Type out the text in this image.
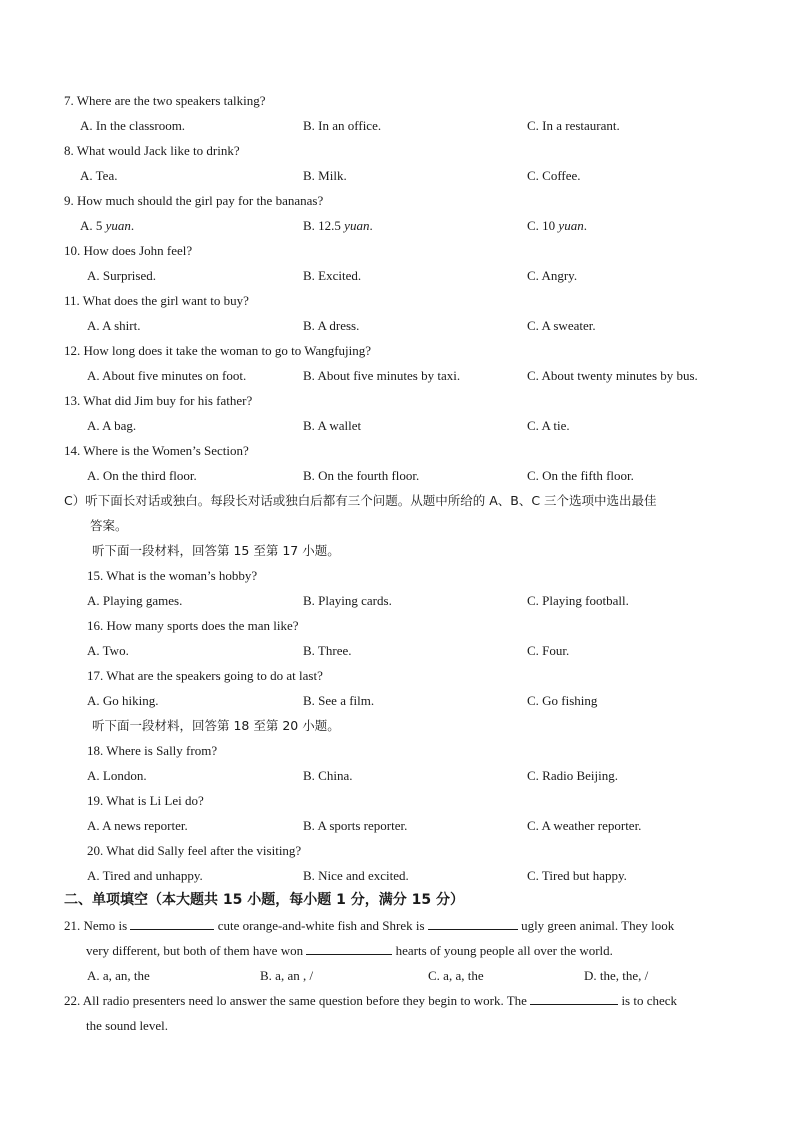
7. Where are the two speakers talking?
A. In the classroom.	B. In an office.	C. In a restaurant.
8. What would Jack like to drink?
A. Tea.	B. Milk.	C. Coffee.
9. How much should the girl pay for the bananas?
A. 5 yuan.	B. 12.5 yuan.	C. 10 yuan.
10. How does John feel?
A. Surprised.	B. Excited.	C. Angry.
11. What does the girl want to buy?
A. A shirt.	B. A dress.	C. A sweater.
12. How long does it take the woman to go to Wangfujing?
A. About five minutes on foot.	B. About five minutes by taxi.	C. About twenty minutes by bus.
13. What did Jim buy for his father?
A. A bag.	B. A wallet	C. A tie.
14. Where is the Women’s Section?
A. On the third floor.	B. On the fourth floor.	C. On the fifth floor.
C）听下面长对话或独白。每段长对话或独白后都有三个问题。从题中所给的 A、B、C 三个选项中选出最佳
答案。
听下面一段材料，回答第 15 至第 17 小题。
15. What is the woman’s hobby?
A. Playing games.	B. Playing cards.	C. Playing football.
16. How many sports does the man like?
A. Two.	B. Three.	C. Four.
17. What are the speakers going to do at last?
A. Go hiking.	B. See a film.	C. Go fishing
听下面一段材料，回答第 18 至第 20 小题。
18. Where is Sally from?
A. London.	B. China.	C. Radio Beijing.
19. What is Li Lei do?
A. A news reporter.	B. A sports reporter.	C. A weather reporter.
20. What did Sally feel after the visiting?
A. Tired and unhappy.	B. Nice and excited.	C. Tired but happy.
二、单项填空（本大题共 15 小题，每小题 1 分，满分 15 分）
21. Nemo is	cute orange-and-white fish and Shrek is	ugly green animal. They look
very different, but both of them have won	hearts of young people all over the world.
A. a, an, the	B. a, an , /	C. a, a, the	D. the, the, /
22. All radio presenters need lo answer the same question before they begin to work. The	is to check
the sound level.
